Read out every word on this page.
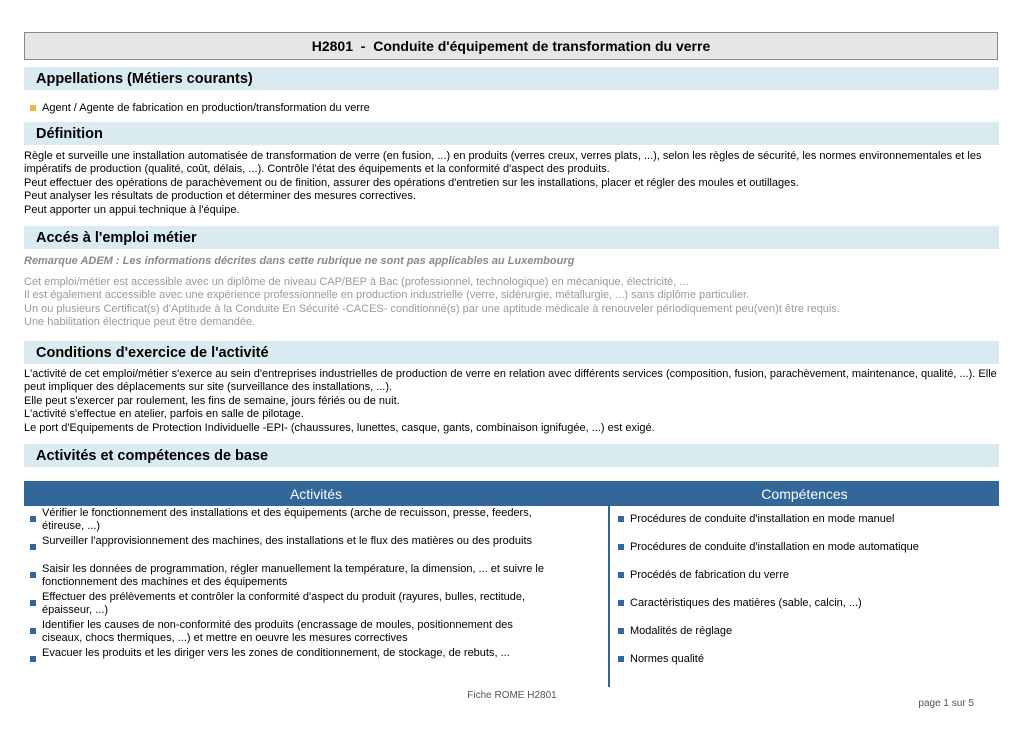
H2801  -  Conduite d'équipement de transformation du verre
Appellations (Métiers courants)
Agent / Agente de fabrication en production/transformation du verre
Définition
Règle et surveille une installation automatisée de transformation de verre (en fusion, ...) en produits (verres creux, verres plats, ...), selon les règles de sécurité, les normes environnementales et les
impératifs de production (qualité, coût, délais, ...). Contrôle l'état des équipements et la conformité d'aspect des produits.
Peut effectuer des opérations de parachèvement ou de finition, assurer des opérations d'entretien sur les installations, placer et régler des moules et outillages.
Peut analyser les résultats de production et déterminer des mesures correctives.
Peut apporter un appui technique à l'équipe.
Accés à l'emploi métier
Remarque ADEM : Les informations décrites dans cette rubrique ne sont pas applicables au Luxembourg
Cet emploi/métier est accessible avec un diplôme de niveau CAP/BEP à Bac (professionnel, technologique) en mécanique, électricité, ...
Il est également accessible avec une expérience professionnelle en production industrielle (verre, sidérurgie, métallurgie, ...) sans diplôme particulier.
Un ou plusieurs Certificat(s) d'Aptitude à la Conduite En Sécurité -CACES- conditionné(s) par une aptitude médicale à renouveler périodiquement peu(ven)t être requis.
Une habilitation électrique peut être demandée.
Conditions d'exercice de l'activité
L'activité de cet emploi/métier s'exerce au sein d'entreprises industrielles de production de verre en relation avec différents services (composition, fusion, parachèvement, maintenance, qualité, ...). Elle
peut impliquer des déplacements sur site (surveillance des installations, ...).
Elle peut s'exercer par roulement, les fins de semaine, jours fériés ou de nuit.
L'activité s'effectue en atelier, parfois en salle de pilotage.
Le port d'Equipements de Protection Individuelle -EPI- (chaussures, lunettes, casque, gants, combinaison ignifugée, ...) est exigé.
Activités et compétences de base
Activités	Compétences
Vérifier le fonctionnement des installations et des équipements (arche de recuisson, presse, feeders,
étireuse, ...)
Surveiller l'approvisionnement des machines, des installations et le flux des matières ou des produits
Saisir les données de programmation, régler manuellement la température, la dimension, ... et suivre le
fonctionnement des machines et des équipements
Effectuer des prélèvements et contrôler la conformité d'aspect du produit (rayures, bulles, rectitude,
épaisseur, ...)
Identifier les causes de non-conformité des produits (encrassage de moules, positionnement des
ciseaux, chocs thermiques, ...) et mettre en oeuvre les mesures correctives
Evacuer les produits et les diriger vers les zones de conditionnement, de stockage, de rebuts, ...
Procédures de conduite d'installation en mode manuel
Procédures de conduite d'installation en mode automatique
Procédés de fabrication du verre
Caractéristiques des matières (sable, calcin, ...)
Modalités de réglage
Normes qualité
Fiche ROME H2801
page 1 sur 5
